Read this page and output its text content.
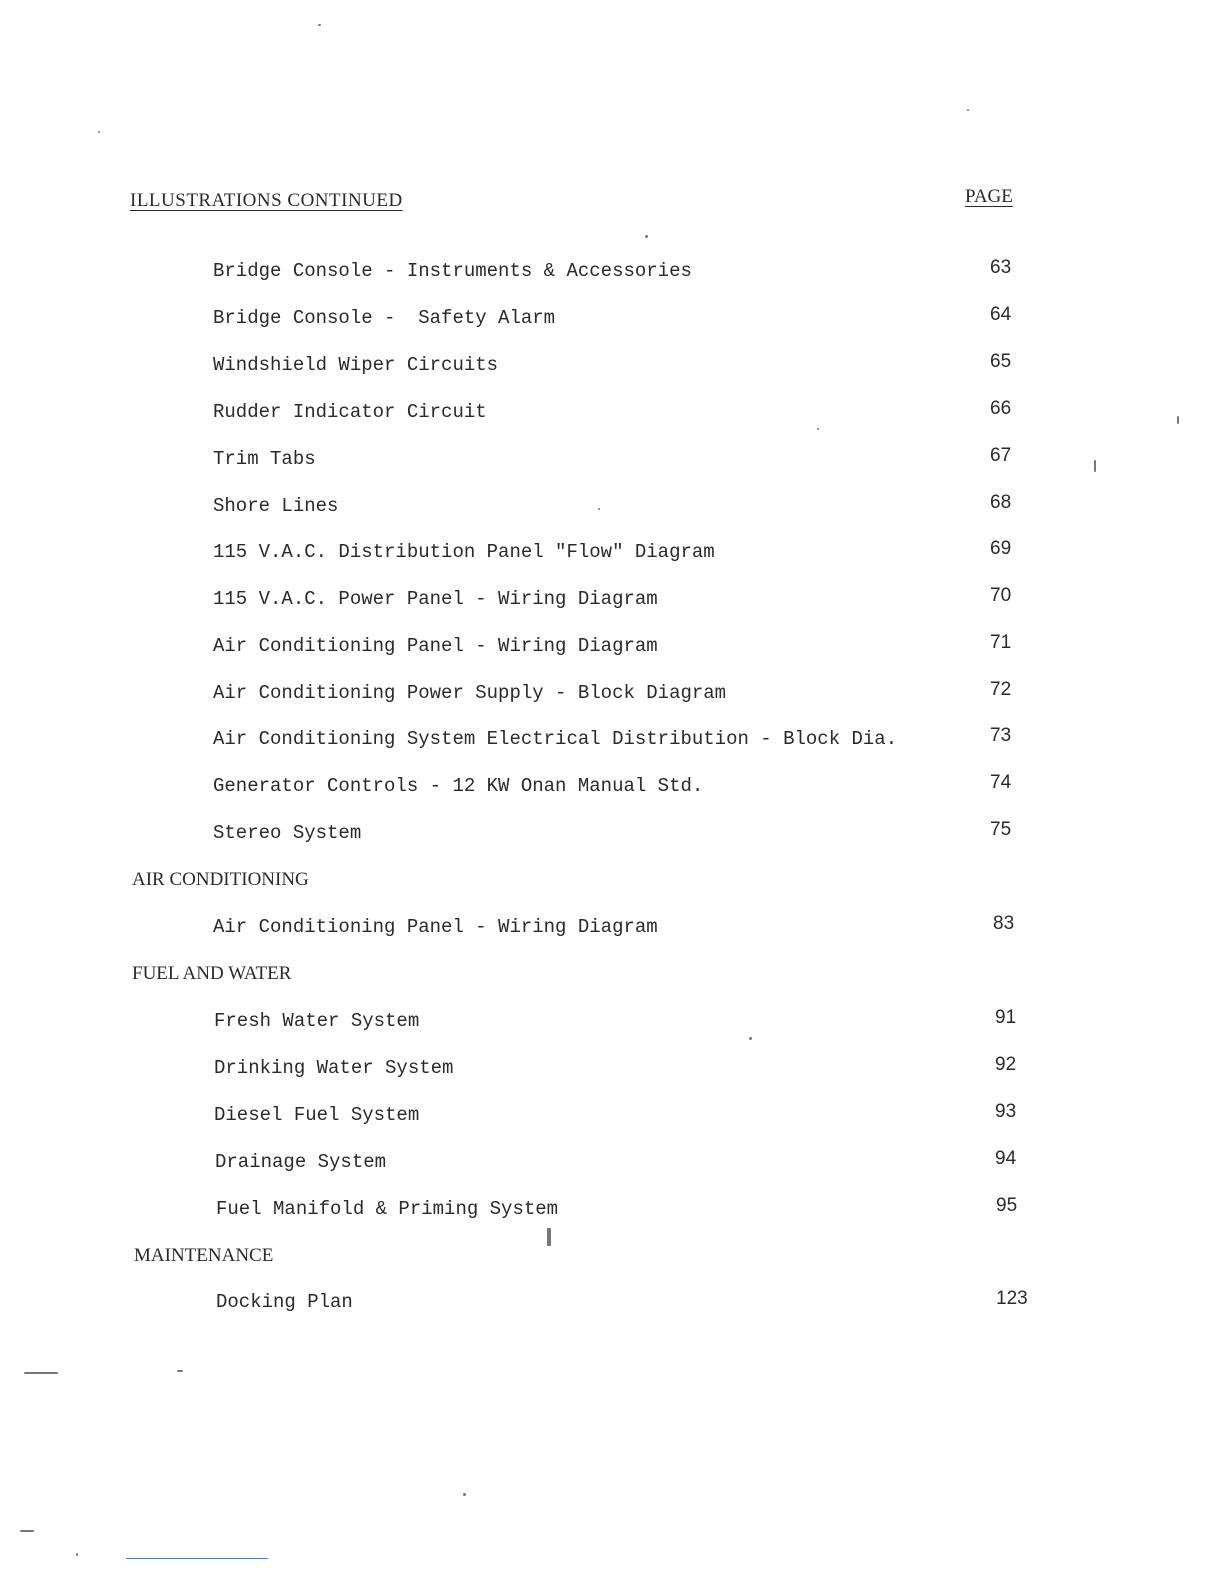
ILLUSTRATIONS CONTINUED	PAGE
Bridge Console - Instruments & Accessories	63
Bridge Console -  Safety Alarm	64
Windshield Wiper Circuits	65
Rudder Indicator Circuit	66
Trim Tabs	67
Shore Lines	68
115 V.A.C. Distribution Panel "Flow" Diagram	69
115 V.A.C. Power Panel - Wiring Diagram	70
Air Conditioning Panel - Wiring Diagram	71
Air Conditioning Power Supply - Block Diagram	72
Air Conditioning System Electrical Distribution - Block Dia.	73
Generator Controls - 12 KW Onan Manual Std.	74
Stereo System	75
AIR CONDITIONING
Air Conditioning Panel - Wiring Diagram	83
FUEL AND WATER
Fresh Water System	91
Drinking Water System	92
Diesel Fuel System	93
Drainage System	94
Fuel Manifold & Priming System	95
MAINTENANCE
Docking Plan	123
